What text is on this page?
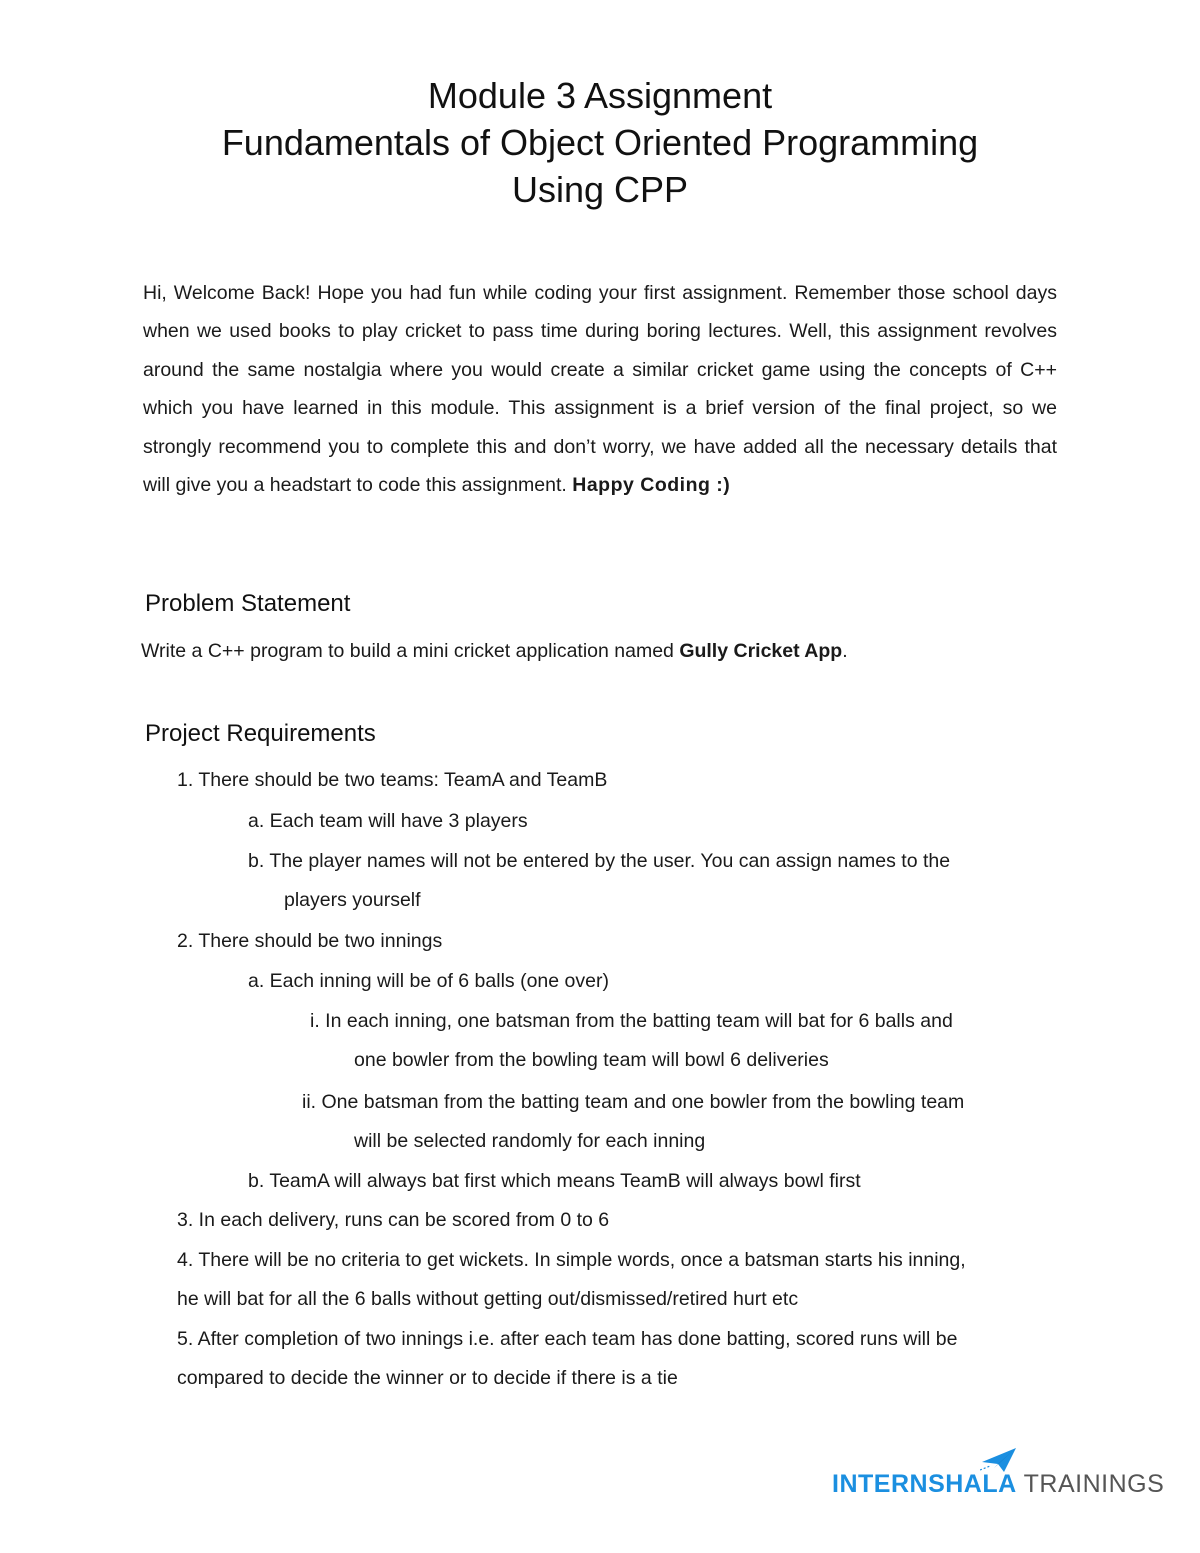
Module 3 Assignment
Fundamentals of Object Oriented Programming
Using CPP
Hi, Welcome Back! Hope you had fun while coding your first assignment. Remember those school days when we used books to play cricket to pass time during boring lectures. Well, this assignment revolves around the same nostalgia where you would create a similar cricket game using the concepts of C++ which you have learned in this module. This assignment is a brief version of the final project, so we strongly recommend you to complete this and don’t worry, we have added all the necessary details that will give you a headstart to code this assignment. Happy Coding :)
Problem Statement
Write a C++ program to build a mini cricket application named Gully Cricket App.
Project Requirements
1. There should be two teams: TeamA and TeamB
a. Each team will have 3 players
b. The player names will not be entered by the user. You can assign names to the
players yourself
2. There should be two innings
a. Each inning will be of 6 balls (one over)
i. In each inning, one batsman from the batting team will bat for 6 balls and
one bowler from the bowling team will bowl 6 deliveries
ii. One batsman from the batting team and one bowler from the bowling team
will be selected randomly for each inning
b. TeamA will always bat first which means TeamB will always bowl first
3. In each delivery, runs can be scored from 0 to 6
4. There will be no criteria to get wickets. In simple words, once a batsman starts his inning,
he will bat for all the 6 balls without getting out/dismissed/retired hurt etc
5. After completion of two innings i.e. after each team has done batting, scored runs will be
compared to decide the winner or to decide if there is a tie
INTERNSHALA TRAININGS
